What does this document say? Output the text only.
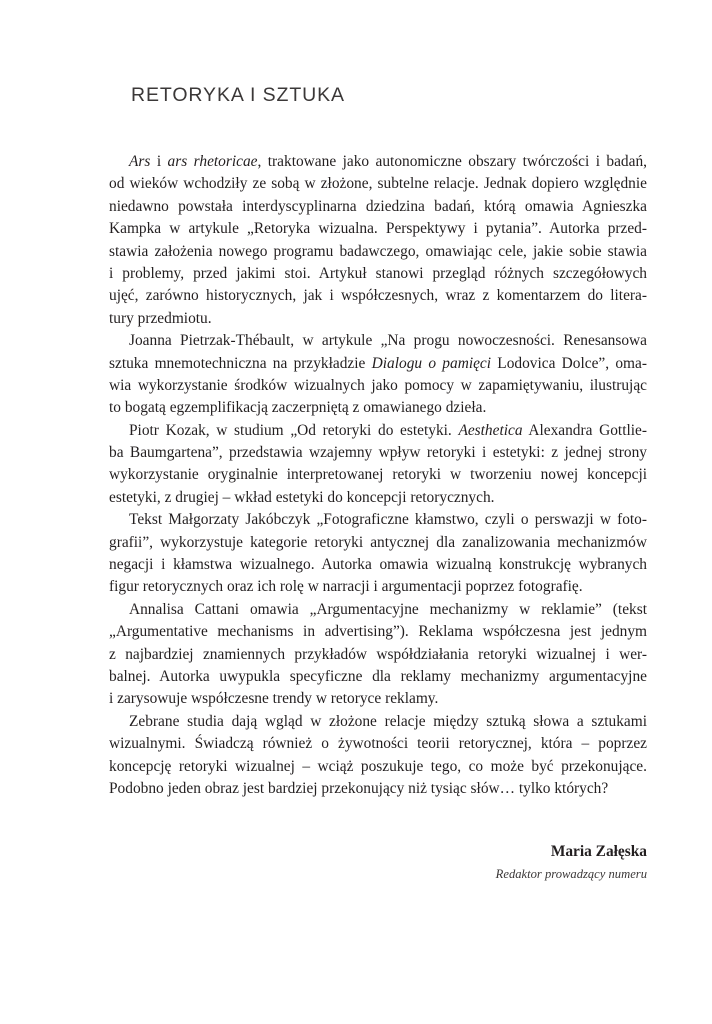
RETORYKA I SZTUKA
Ars i ars rhetoricae, traktowane jako autonomiczne obszary twórczości i badań,
od wieków wchodziły ze sobą w złożone, subtelne relacje. Jednak dopiero względnie
niedawno powstała interdyscyplinarna dziedzina badań, którą omawia Agnieszka
Kampka w artykule „Retoryka wizualna. Perspektywy i pytania”. Autorka przed-
stawia założenia nowego programu badawczego, omawiając cele, jakie sobie stawia
i problemy, przed jakimi stoi. Artykuł stanowi przegląd różnych szczegółowych
ujęć, zarówno historycznych, jak i współczesnych, wraz z komentarzem do litera-
tury przedmiotu.
Joanna Pietrzak-Thébault, w artykule „Na progu nowoczesności. Renesansowa
sztuka mnemotechniczna na przykładzie Dialogu o pamięci Lodovica Dolce”, oma-
wia wykorzystanie środków wizualnych jako pomocy w zapamiętywaniu, ilustrując
to bogatą egzemplifikacją zaczerpniętą z omawianego dzieła.
Piotr Kozak, w studium „Od retoryki do estetyki. Aesthetica Alexandra Gottlie-
ba Baumgartena”, przedstawia wzajemny wpływ retoryki i estetyki: z jednej strony
wykorzystanie oryginalnie interpretowanej retoryki w tworzeniu nowej koncepcji
estetyki, z drugiej – wkład estetyki do koncepcji retorycznych.
Tekst Małgorzaty Jakóbczyk „Fotograficzne kłamstwo, czyli o perswazji w foto-
grafii”, wykorzystuje kategorie retoryki antycznej dla zanalizowania mechanizmów
negacji i kłamstwa wizualnego. Autorka omawia wizualną konstrukcję wybranych
figur retorycznych oraz ich rolę w narracji i argumentacji poprzez fotografię.
Annalisa Cattani omawia „Argumentacyjne mechanizmy w reklamie” (tekst
„Argumentative mechanisms in advertising”). Reklama współczesna jest jednym
z najbardziej znamiennych przykładów współdziałania retoryki wizualnej i wer-
balnej. Autorka uwypukla specyficzne dla reklamy mechanizmy argumentacyjne
i zarysowuje współczesne trendy w retoryce reklamy.
Zebrane studia dają wgląd w złożone relacje między sztuką słowa a sztukami
wizualnymi. Świadczą również o żywotności teorii retorycznej, która – poprzez
koncepcję retoryki wizualnej – wciąż poszukuje tego, co może być przekonujące.
Podobno jeden obraz jest bardziej przekonujący niż tysiąc słów… tylko których?
Maria Załęska
Redaktor prowadzący numeru
